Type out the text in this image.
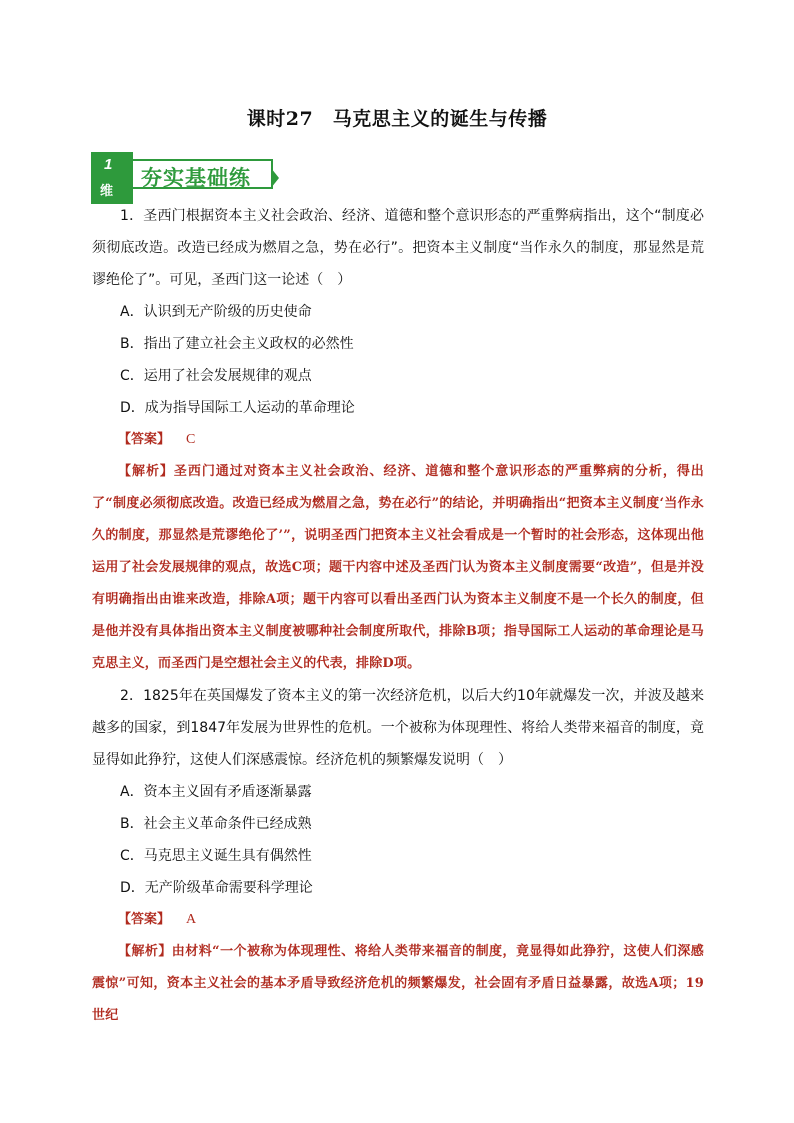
课时27　马克思主义的诞生与传播
1
维
夯实基础练

1．圣西门根据资本主义社会政治、经济、道德和整个意识形态的严重弊病指出，这个“制度必须彻底改造。改造已经成为燃眉之急，势在必行”。把资本主义制度“当作永久的制度，那显然是荒谬绝伦了”。可见，圣西门这一论述（　）

A．认识到无产阶级的历史使命

B．指出了建立社会主义政权的必然性

C．运用了社会发展规律的观点

D．成为指导国际工人运动的革命理论

【答案】 C

【解析】圣西门通过对资本主义社会政治、经济、道德和整个意识形态的严重弊病的分析，得出了“制度必须彻底改造。改造已经成为燃眉之急，势在必行”的结论，并明确指出“把资本主义制度‘当作永久的制度，那显然是荒谬绝伦了’”，说明圣西门把资本主义社会看成是一个暂时的社会形态，这体现出他运用了社会发展规律的观点，故选C项；题干内容中述及圣西门认为资本主义制度需要“改造”，但是并没有明确指出由谁来改造，排除A项；题干内容可以看出圣西门认为资本主义制度不是一个长久的制度，但是他并没有具体指出资本主义制度被哪种社会制度所取代，排除B项；指导国际工人运动的革命理论是马克思主义，而圣西门是空想社会主义的代表，排除D项。

2．1825年在英国爆发了资本主义的第一次经济危机，以后大约10年就爆发一次，并波及越来越多的国家，到1847年发展为世界性的危机。一个被称为体现理性、将给人类带来福音的制度，竟显得如此狰狞，这使人们深感震惊。经济危机的频繁爆发说明（　）

A．资本主义固有矛盾逐渐暴露

B．社会主义革命条件已经成熟

C．马克思主义诞生具有偶然性

D．无产阶级革命需要科学理论

【答案】 A

【解析】由材料“一个被称为体现理性、将给人类带来福音的制度，竟显得如此狰狞，这使人们深感震惊”可知，资本主义社会的基本矛盾导致经济危机的频繁爆发，社会固有矛盾日益暴露，故选A项；19世纪
